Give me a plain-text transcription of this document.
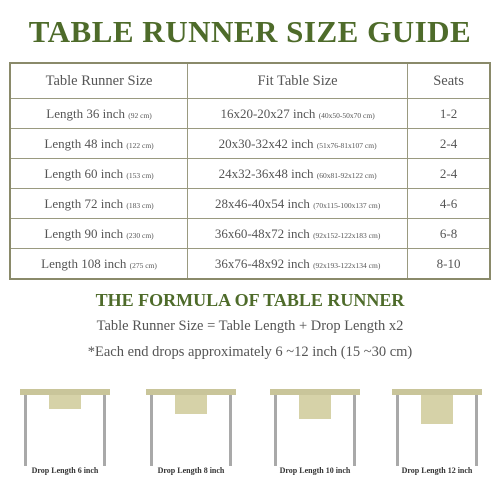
TABLE RUNNER SIZE GUIDE
Table Runner Size	Fit Table Size	Seats
Length 36 inch (92 cm)	16x20-20x27 inch (40x50-50x70 cm)	1-2
Length 48 inch (122 cm)	20x30-32x42 inch (51x76-81x107 cm)	2-4
Length 60 inch (153 cm)	24x32-36x48 inch (60x81-92x122 cm)	2-4
Length 72 inch (183 cm)	28x46-40x54 inch (70x115-100x137 cm)	4-6
Length 90 inch (230 cm)	36x60-48x72 inch (92x152-122x183 cm)	6-8
Length 108 inch (275 cm)	36x76-48x92 inch (92x193-122x134 cm)	8-10
THE FORMULA OF TABLE RUNNER
Table Runner Size = Table Length + Drop Length x2
*Each end drops approximately 6 ~12 inch (15 ~30 cm)
Drop Length 6 inch	Drop Length 8 inch	Drop Length 10 inch	Drop Length 12 inch
